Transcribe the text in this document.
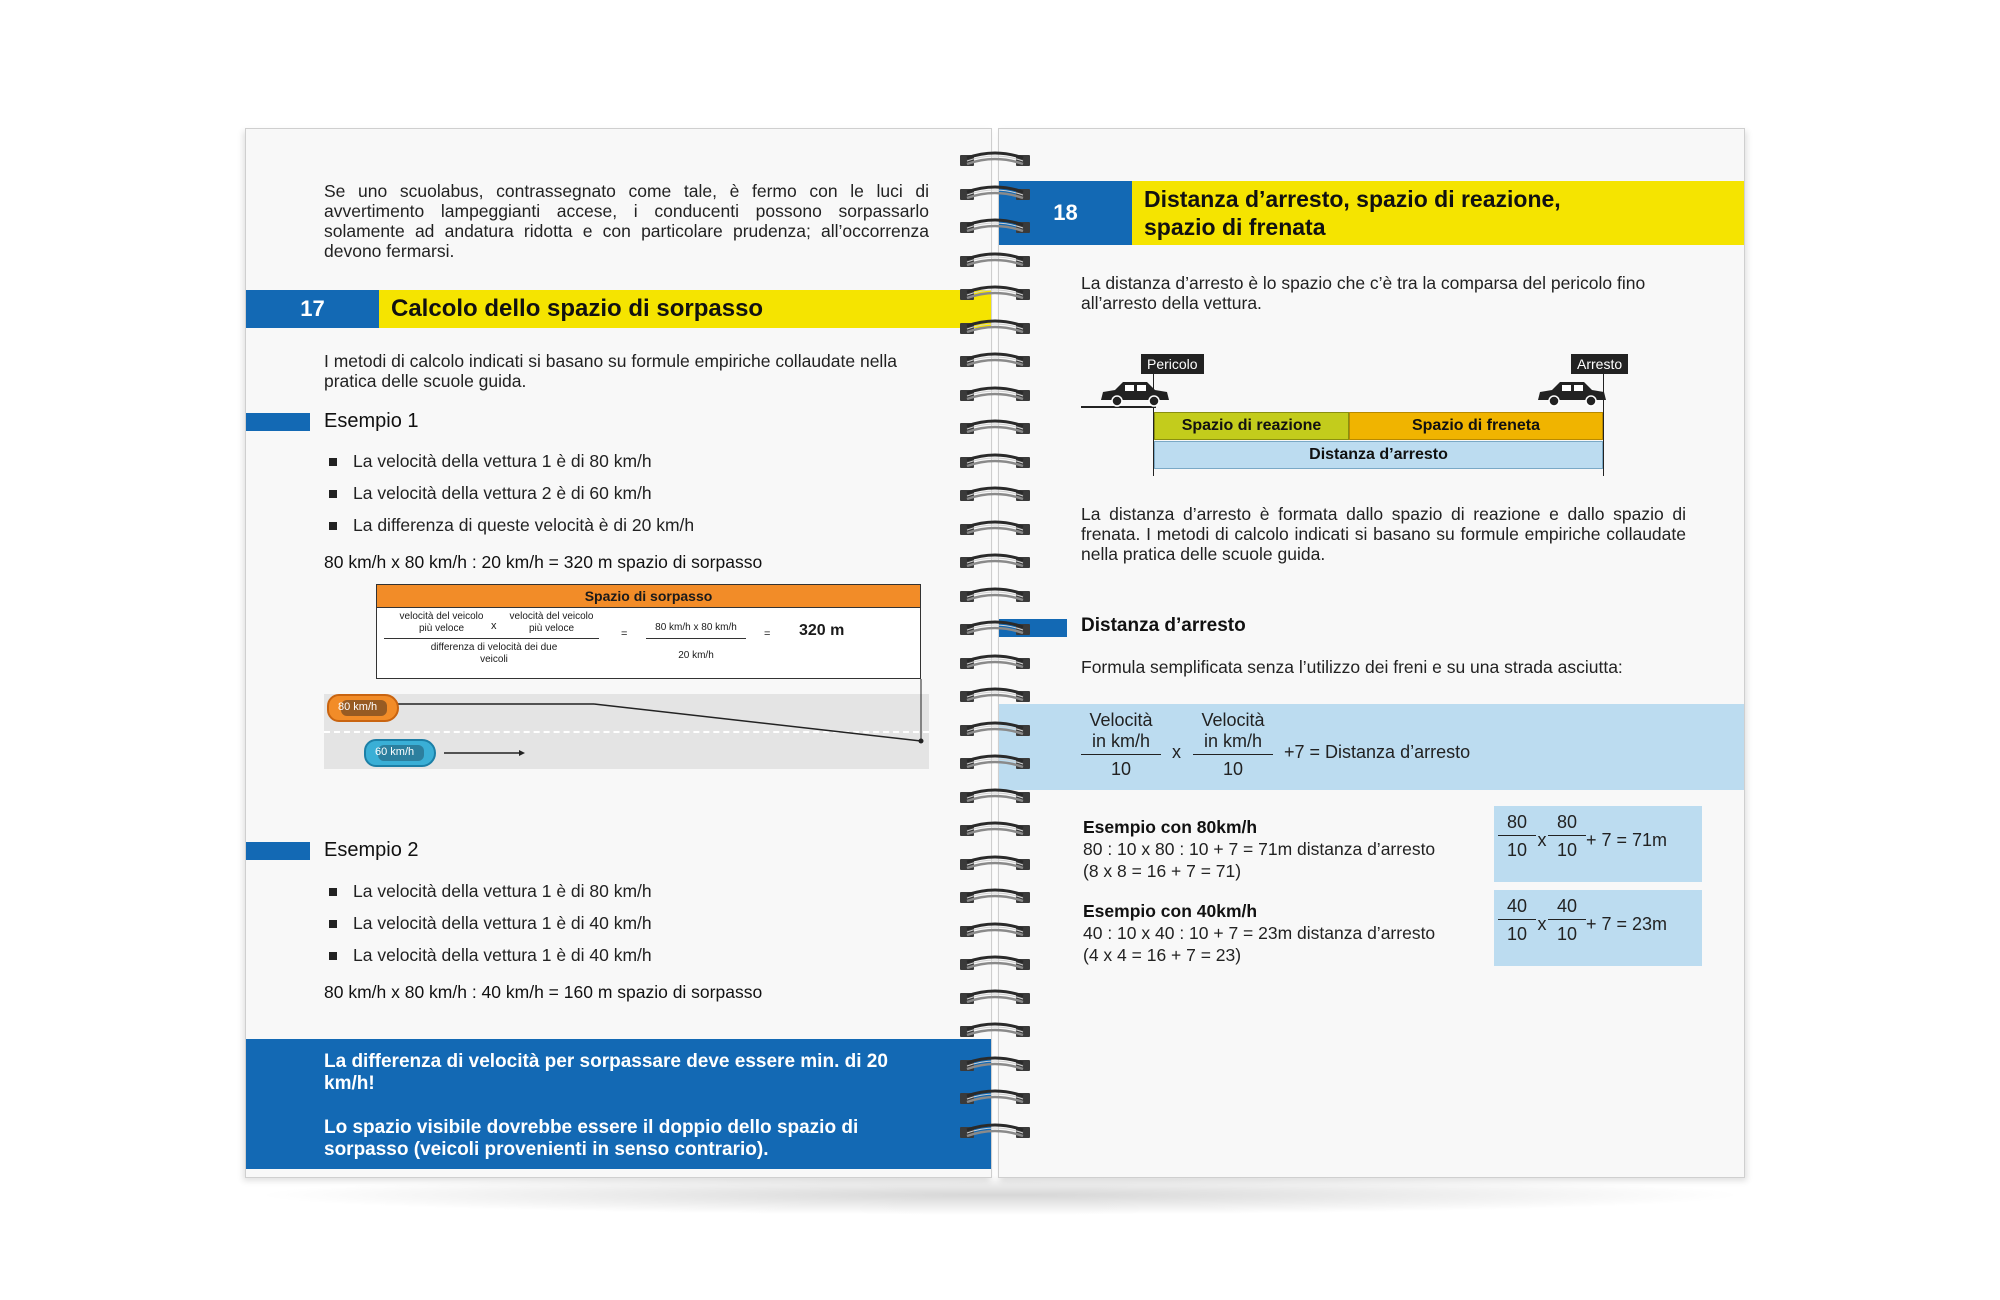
Se uno scuolabus, contrassegnato come tale, è fermo con le luci di avvertimento lampeggianti accese, i conducenti possono sorpassarlo solamente ad andatura ridotta e con particolare prudenza; all’occorrenza devono fermarsi.
17	Calcolo dello spazio di sorpasso
I metodi di calcolo indicati si basano su formule empiriche collaudate nella pratica delle scuole guida.
Esempio 1
La velocità della vettura 1 è di 80 km/h
La velocità della vettura 2 è di 60 km/h
La differenza di queste velocità è di 20 km/h
80 km/h x 80 km/h : 20 km/h = 320 m spazio di sorpasso
Spazio di sorpasso
velocità del veicolo più veloce	x
velocità del veicolo più veloce
differenza di velocità dei due veicoli
=
80 km/h x 80 km/h
20 km/h
= 320 m
80 km/h
60 km/h
Esempio 2
La velocità della vettura 1 è di 80 km/h
La velocità della vettura 1 è di 40 km/h
La velocità della vettura 1 è di 40 km/h
80 km/h x 80 km/h : 40 km/h = 160 m spazio di sorpasso
La differenza di velocità per sorpassare deve essere min. di 20 km/h!
Lo spazio visibile dovrebbe essere il doppio dello spazio di sorpasso (veicoli provenienti in senso contrario).
18
Distanza d’arresto, spazio di reazione,
spazio di frenata
La distanza d’arresto è lo spazio che c’è tra la comparsa del pericolo fino all’arresto della vettura.
Pericolo	Arresto
Spazio di reazione	Spazio di freneta
Distanza d’arresto
La distanza d’arresto è formata dallo spazio di reazione e dallo spazio di frenata. I metodi di calcolo indicati si basano su formule empiriche collaudate nella pratica delle scuole guida.
Distanza d’arresto
Formula semplificata senza l’utilizzo dei freni e su una strada asciutta:
Velocità
in km/h
10
x
Velocità
in km/h
10
+7 = Distanza d’arresto
Esempio con 80km/h
80 : 10 x 80 : 10 + 7 = 71m distanza d’arresto
(8 x 8 = 16 + 7 = 71)
80
10 x
80
10 + 7 = 71m
Esempio con 40km/h
40 : 10 x 40 : 10 + 7 = 23m distanza d’arresto
(4 x 4 = 16 + 7 = 23)
40
10 x
40
10 + 7 = 23m
